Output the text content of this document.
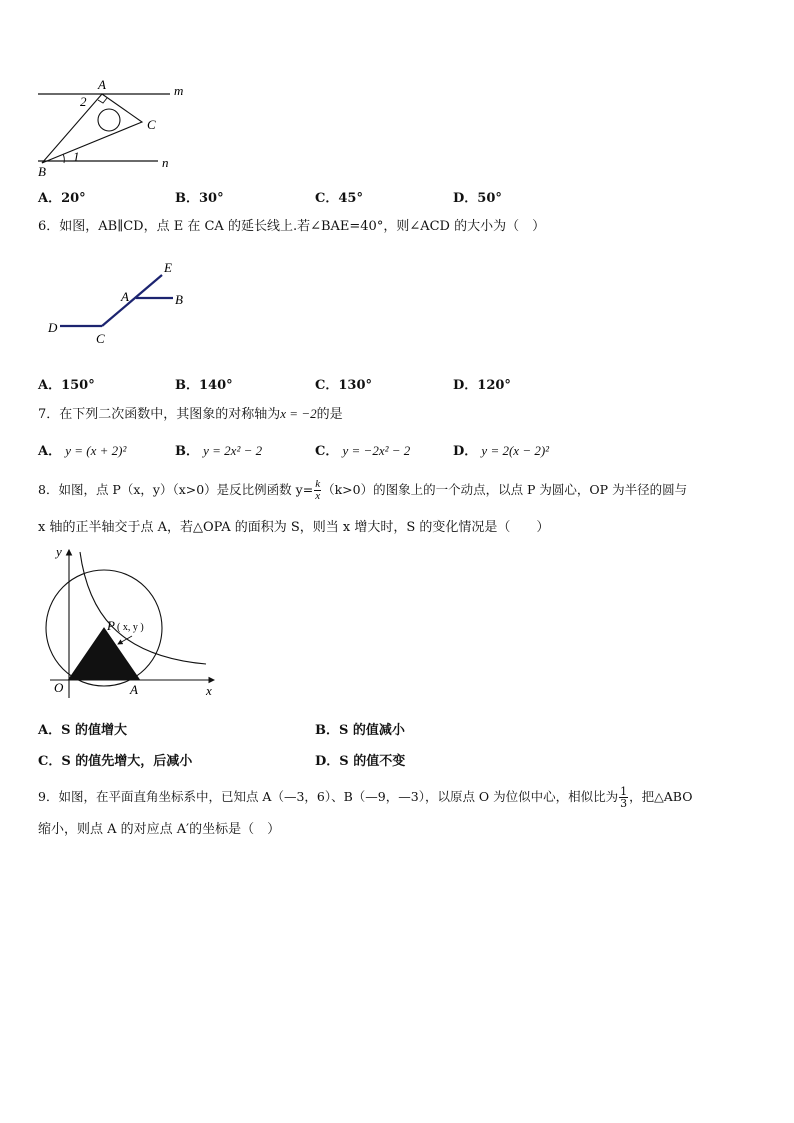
A	m
C
n
B
2
1
A．20°	B．30°	C．45°	D．50°
6．如图，AB∥CD，点 E 在 CA 的延长线上.若∠BAE=40°，则∠ACD 的大小为（　）
D
C
A	B
E
A．150°	B．140°	C．130°	D．120°
7．在下列二次函数中，其图象的对称轴为x = −2的是
A． y = (x + 2)²	B． y = 2x² − 2	C． y = −2x² − 2	D． y = 2(x − 2)²
8．如图，点 P（x，y）（x>0）是反比例函数 $y= \frac{k}{x} (k>0)$的图象上的一个动点，以点 P 为圆心，OP 为半径的圆与
x 轴的正半轴交于点 A，若△OPA 的面积为 S，则当 x 增大时，S 的变化情况是（　　）
y
x
O	A
P ( x, y )
A．S 的值增大	B．S 的值减小
C．S 的值先增大，后减小	D．S 的值不变
9．如图，在平面直角坐标系中，已知点 A（—3，6）、B（—9，—3），以原点 O 为位似中心，相似比为 $\frac{1}{3}$ ，把△ABO
缩小，则点 A 的对应点 A′的坐标是（　）
